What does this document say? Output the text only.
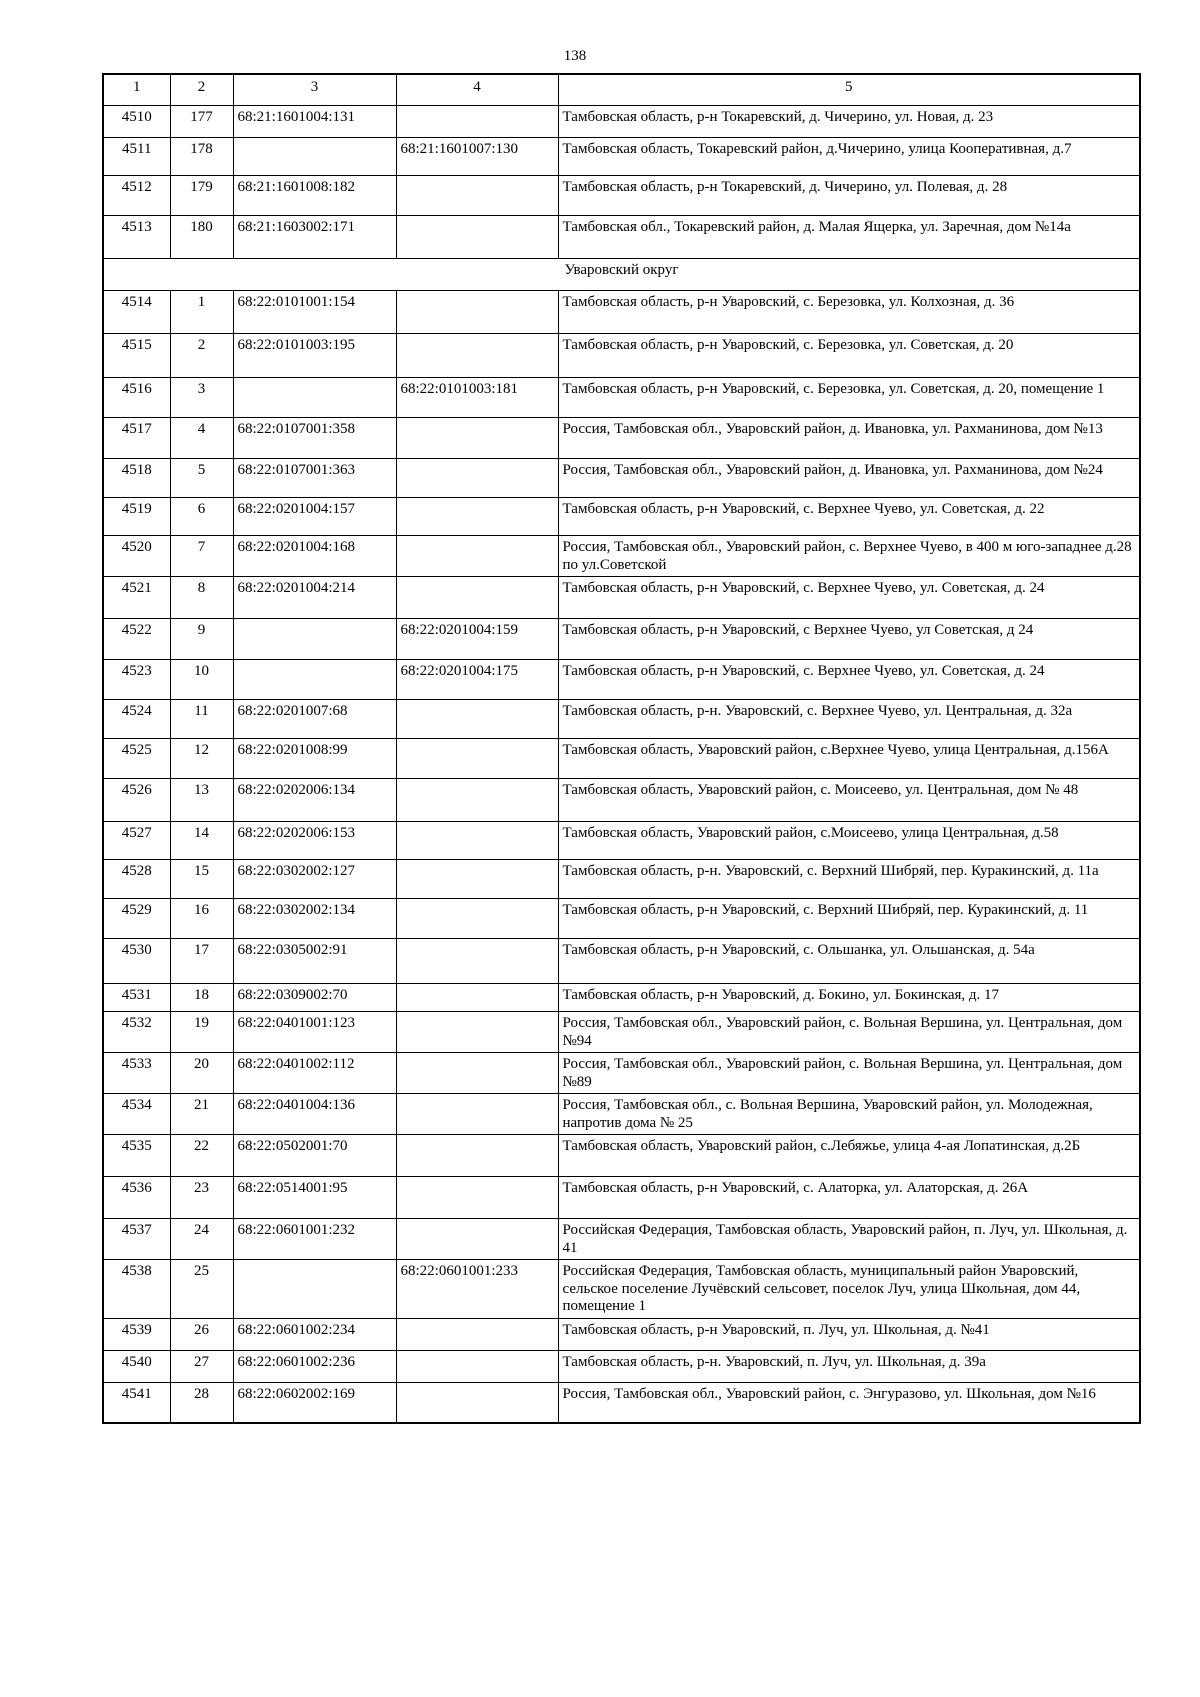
138
1	2	3	4	5
4510	177	68:21:1601004:131		Тамбовская область, р-н Токаревский, д. Чичерино, ул. Новая, д. 23
4511	178		68:21:1601007:130	Тамбовская область, Токаревский район, д.Чичерино, улица Кооперативная, д.7
4512	179	68:21:1601008:182		Тамбовская область, р-н Токаревский, д. Чичерино, ул. Полевая, д. 28
4513	180	68:21:1603002:171		Тамбовская обл., Токаревский район, д. Малая Ящерка, ул. Заречная, дом №14а
Уваровский округ				
4514	1	68:22:0101001:154		Тамбовская область, р-н Уваровский, с. Березовка, ул. Колхозная, д. 36
4515	2	68:22:0101003:195		Тамбовская область, р-н Уваровский, с. Березовка, ул. Советская, д. 20
4516	3		68:22:0101003:181	Тамбовская область, р-н Уваровский, с. Березовка, ул. Советская, д. 20, помещение 1
4517	4	68:22:0107001:358		Россия, Тамбовская обл., Уваровский район, д. Ивановка, ул. Рахманинова, дом №13
4518	5	68:22:0107001:363		Россия, Тамбовская обл., Уваровский район, д. Ивановка, ул. Рахманинова, дом №24
4519	6	68:22:0201004:157		Тамбовская область, р-н Уваровский, с. Верхнее Чуево, ул. Советская, д. 22
4520	7	68:22:0201004:168		Россия, Тамбовская обл., Уваровский район, с. Верхнее Чуево, в 400 м юго-западнее д.28 по ул.Советской
4521	8	68:22:0201004:214		Тамбовская область, р-н Уваровский, с. Верхнее Чуево, ул. Советская, д. 24
4522	9		68:22:0201004:159	Тамбовская область, р-н Уваровский, с Верхнее Чуево, ул Советская, д 24
4523	10		68:22:0201004:175	Тамбовская область, р-н Уваровский, с. Верхнее Чуево, ул. Советская, д. 24
4524	11	68:22:0201007:68		Тамбовская область, р-н. Уваровский, с. Верхнее Чуево, ул. Центральная, д. 32а
4525	12	68:22:0201008:99		Тамбовская область, Уваровский район, с.Верхнее Чуево, улица Центральная, д.156А
4526	13	68:22:0202006:134		Тамбовская область, Уваровский район, с. Моисеево, ул. Центральная, дом № 48
4527	14	68:22:0202006:153		Тамбовская область, Уваровский район, с.Моисеево, улица Центральная, д.58
4528	15	68:22:0302002:127		Тамбовская область, р-н. Уваровский, с. Верхний Шибряй, пер. Куракинский, д. 11а
4529	16	68:22:0302002:134		Тамбовская область, р-н Уваровский, с. Верхний Шибряй, пер. Куракинский, д. 11
4530	17	68:22:0305002:91		Тамбовская область, р-н Уваровский, с. Ольшанка, ул. Ольшанская, д. 54а
4531	18	68:22:0309002:70		Тамбовская область, р-н Уваровский, д. Бокино, ул. Бокинская, д. 17
4532	19	68:22:0401001:123		Россия, Тамбовская обл., Уваровский район, с. Вольная Вершина, ул. Центральная, дом №94
4533	20	68:22:0401002:112		Россия, Тамбовская обл., Уваровский район, с. Вольная Вершина, ул. Центральная, дом №89
4534	21	68:22:0401004:136		Россия, Тамбовская обл., с. Вольная Вершина, Уваровский район, ул. Молодежная, напротив дома № 25
4535	22	68:22:0502001:70		Тамбовская область, Уваровский район, с.Лебяжье, улица 4-ая Лопатинская, д.2Б
4536	23	68:22:0514001:95		Тамбовская область, р-н Уваровский, с. Алаторка, ул. Алаторская, д. 26А
4537	24	68:22:0601001:232		Российская Федерация, Тамбовская область, Уваровский район, п. Луч, ул. Школьная, д. 41
4538	25		68:22:0601001:233	Российская Федерация, Тамбовская область, муниципальный район Уваровский, сельское поселение Лучёвский сельсовет, поселок Луч, улица Школьная, дом 44, помещение 1
4539	26	68:22:0601002:234		Тамбовская область, р-н Уваровский, п. Луч, ул. Школьная, д. №41
4540	27	68:22:0601002:236		Тамбовская область, р-н. Уваровский, п. Луч, ул. Школьная, д. 39а
4541	28	68:22:0602002:169		Россия, Тамбовская обл., Уваровский район, с. Энгуразово, ул. Школьная, дом №16
